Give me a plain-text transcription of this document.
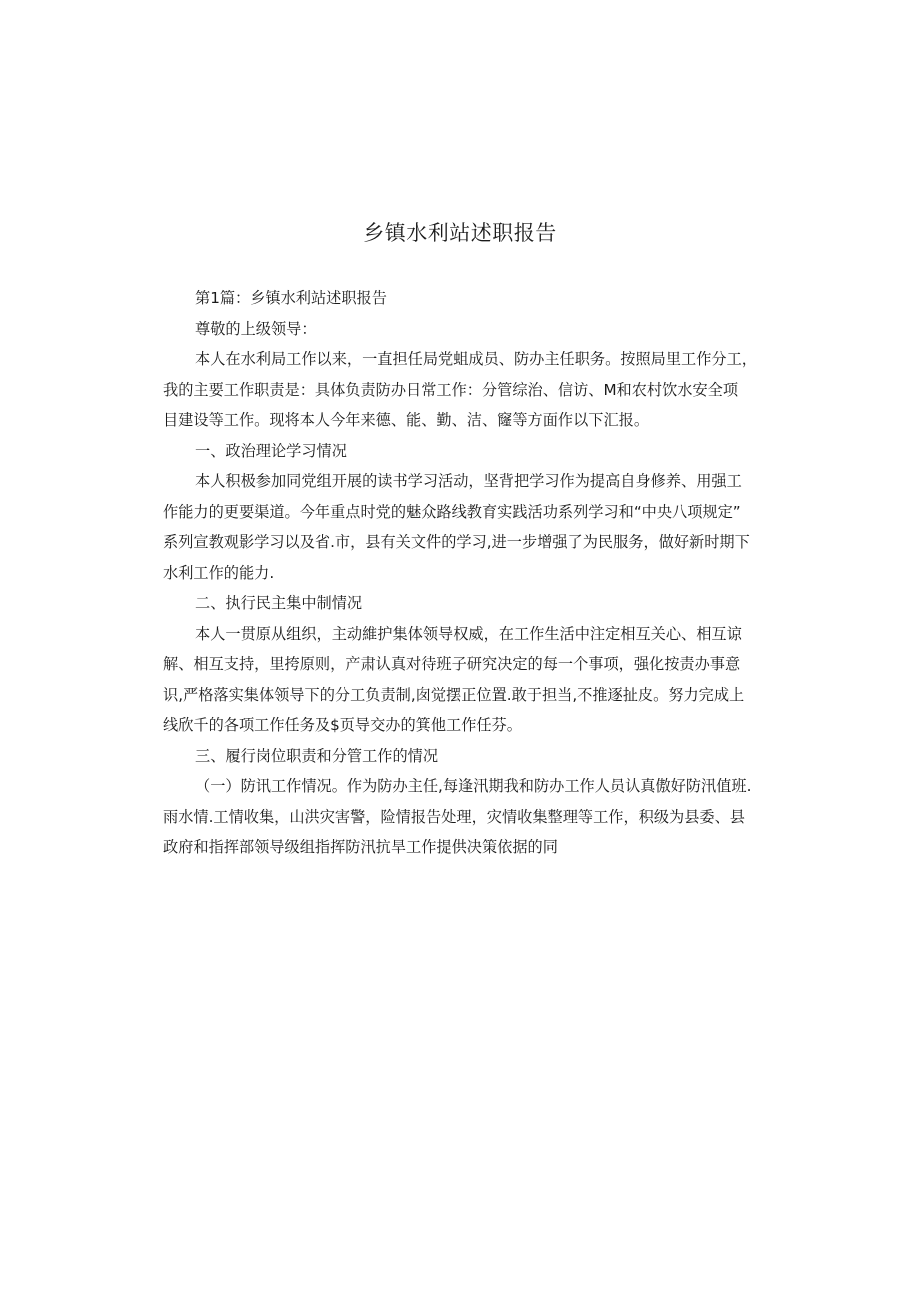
乡镇水利站述职报告

第1篇：乡镇水利站述职报告

尊敬的上级领导：

本人在水利局工作以来，一直担任局党蛆成员、防办主任职务。按照局里工作分工，

我的主要工作职责是：具体负责防办日常工作：分管综治、信访、M和农村饮水安全项

目建设等工作。现将本人今年来德、能、勤、洁、窿等方面作以下汇报。

一、政治理论学习情况

本人积极参加同党组开展的读书学习活动，坚背把学习作为提高自身修养、用强工

作能力的更要渠道。今年重点时党的魅众路线教育实践活功系列学习和“中央八项规定”

系列宣教观影学习以及省.市，县有关文件的学习,进一步增强了为民服务，做好新时期下

水利工作的能力.

二、执行民主集中制情况

本人一贯原从组织，主动維护集体领导权威，在工作生活中注定相互关心、相互谅

解、相互支持，里挎原则，产肃认真对待班子研究决定的每一个事项，强化按责办事意

识,严格落实集体领导下的分工负责制,囱觉摆正位置.敢于担当,不推逐扯皮。努力完成上

线欣千的各项工作任务及$页导交办的箕他工作任芬。

三、履行岗位职责和分管工作的情况

（一）防讯工作情况。作为防办主任,每逢汛期我和防办工作人员认真傲好防汛值班.

雨水情.工情收集，山洪灾害警，险情报告处理，灾情收集整理等工作，积级为县委、县

政府和指挥部领导级组指挥防汛抗旱工作提供决策依据的同
